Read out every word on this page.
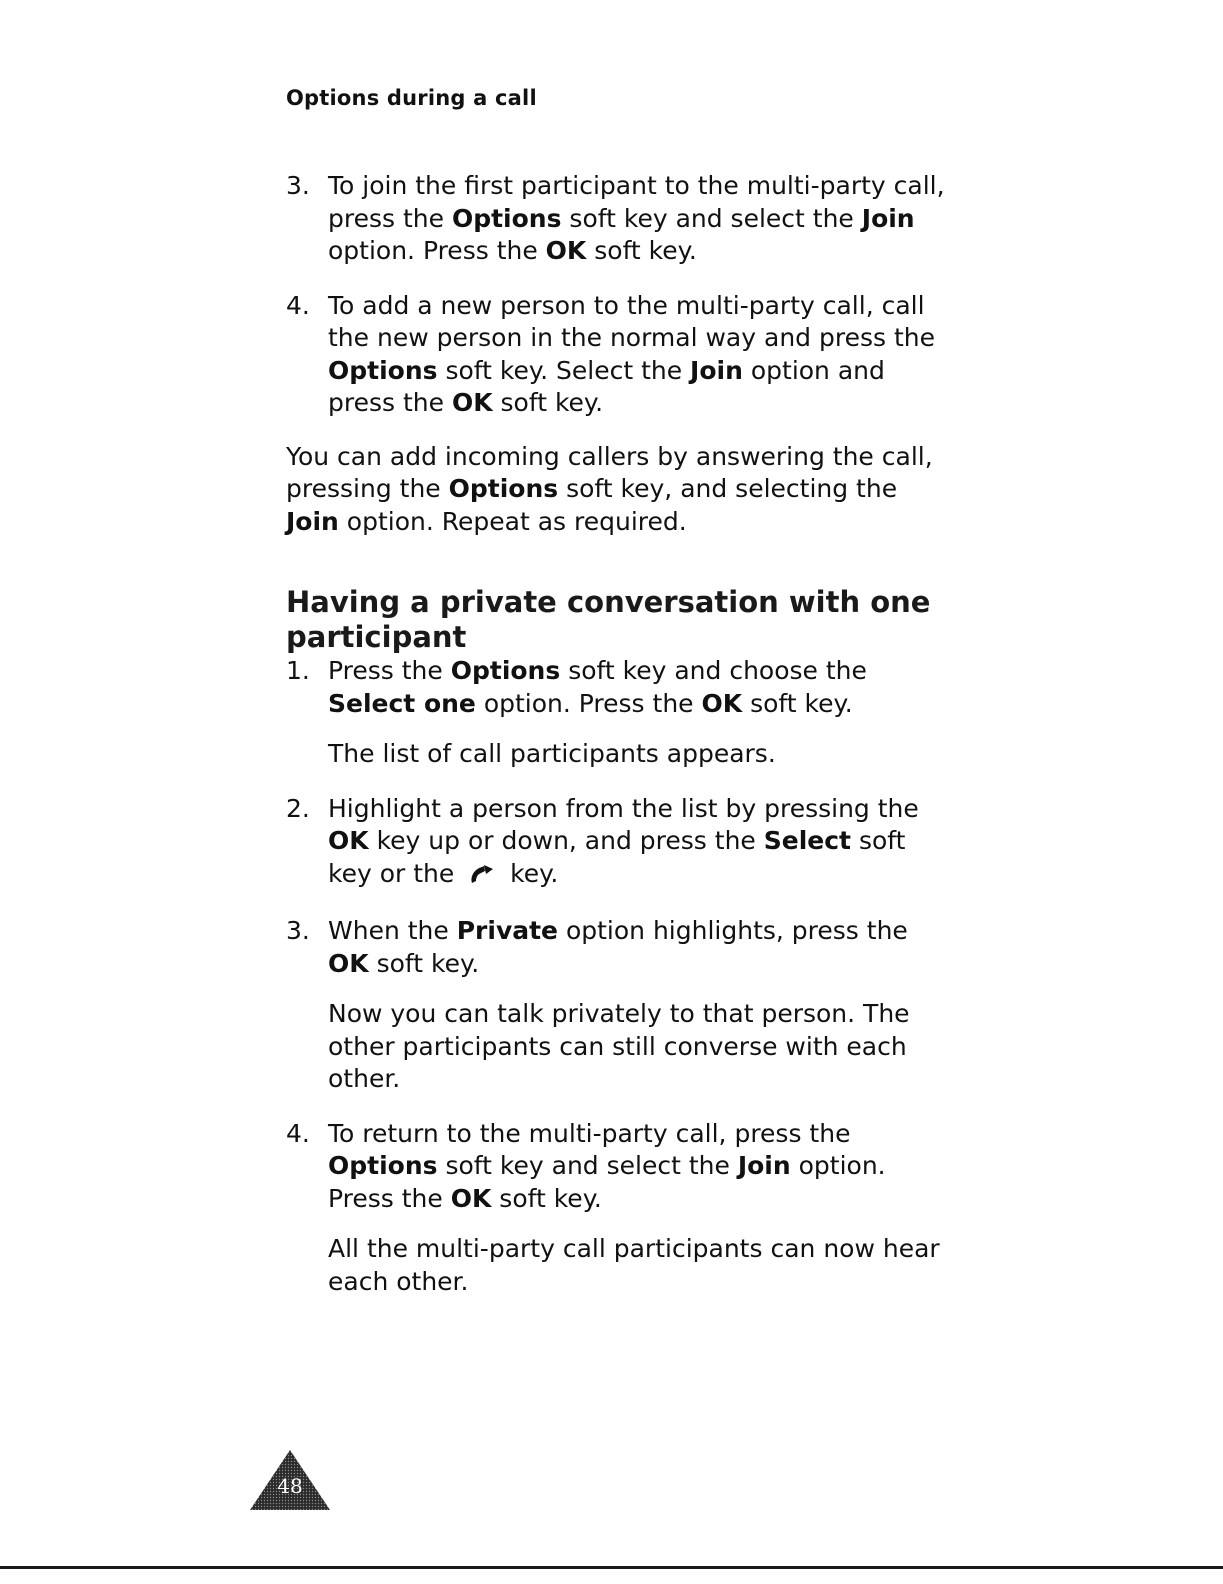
Options during a call
3. To join the first participant to the multi-party call, press the Options soft key and select the Join option. Press the OK soft key.
4. To add a new person to the multi-party call, call the new person in the normal way and press the Options soft key. Select the Join option and press the OK soft key.

You can add incoming callers by answering the call, pressing the Options soft key, and selecting the Join option. Repeat as required.

Having a private conversation with one participant
1. Press the Options soft key and choose the Select one option. Press the OK soft key.
The list of call participants appears.
2. Highlight a person from the list by pressing the OK key up or down, and press the Select soft key or the  key.
3. When the Private option highlights, press the OK soft key.
Now you can talk privately to that person. The other participants can still converse with each other.
4. To return to the multi-party call, press the Options soft key and select the Join option. Press the OK soft key.
All the multi-party call participants can now hear each other.
48
